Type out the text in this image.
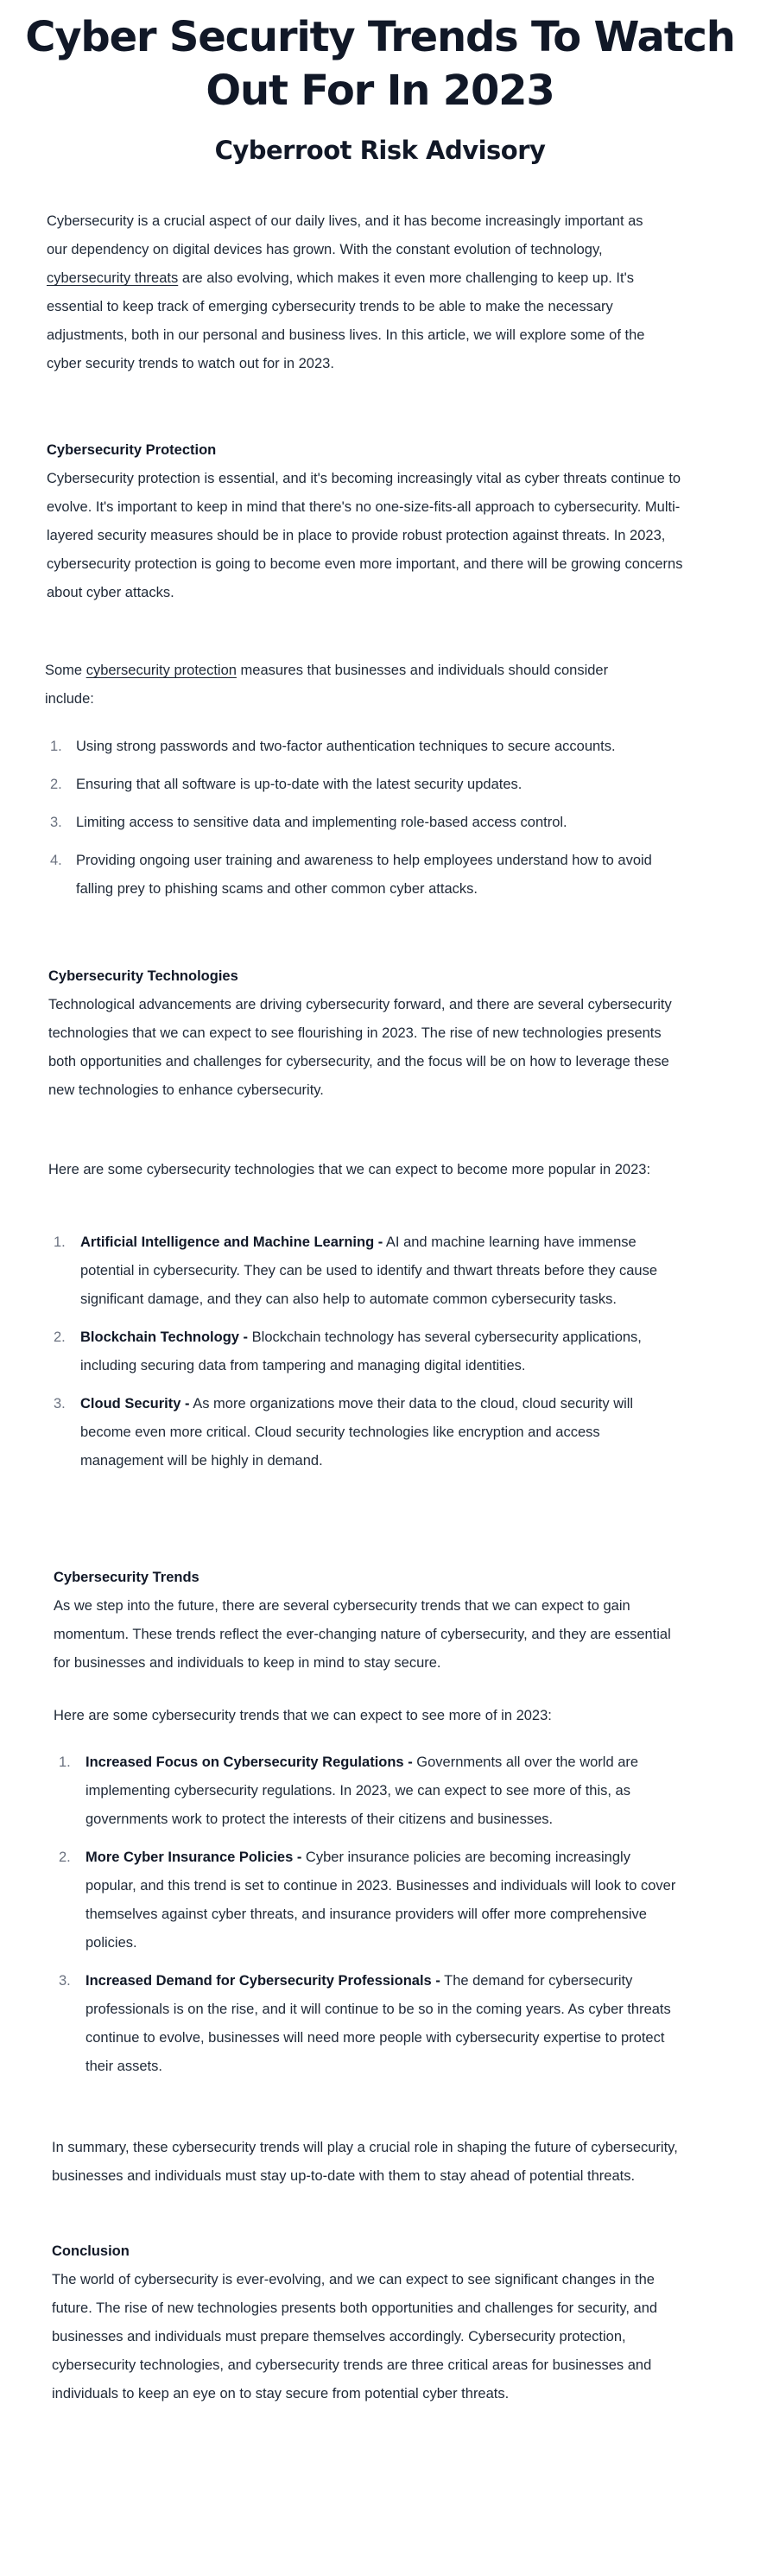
Cyber Security Trends To Watch
Out For In 2023
Cyberroot Risk Advisory

Cybersecurity is a crucial aspect of our daily lives, and it has become increasingly important as our dependency on digital devices has grown. With the constant evolution of technology, cybersecurity threats are also evolving, which makes it even more challenging to keep up. It's essential to keep track of emerging cybersecurity trends to be able to make the necessary adjustments, both in our personal and business lives. In this article, we will explore some of the cyber security trends to watch out for in 2023.

Cybersecurity Protection

Cybersecurity protection is essential, and it's becoming increasingly vital as cyber threats continue to evolve. It's important to keep in mind that there's no one-size-fits-all approach to cybersecurity. Multi-layered security measures should be in place to provide robust protection against threats. In 2023, cybersecurity protection is going to become even more important, and there will be growing concerns about cyber attacks.

Some cybersecurity protection measures that businesses and individuals should consider include:

1. Using strong passwords and two-factor authentication techniques to secure accounts.
2. Ensuring that all software is up-to-date with the latest security updates.
3. Limiting access to sensitive data and implementing role-based access control.
4. Providing ongoing user training and awareness to help employees understand how to avoid falling prey to phishing scams and other common cyber attacks.

Cybersecurity Technologies

Technological advancements are driving cybersecurity forward, and there are several cybersecurity technologies that we can expect to see flourishing in 2023. The rise of new technologies presents both opportunities and challenges for cybersecurity, and the focus will be on how to leverage these new technologies to enhance cybersecurity.

Here are some cybersecurity technologies that we can expect to become more popular in 2023:

1. Artificial Intelligence and Machine Learning - AI and machine learning have immense potential in cybersecurity. They can be used to identify and thwart threats before they cause significant damage, and they can also help to automate common cybersecurity tasks.
2. Blockchain Technology - Blockchain technology has several cybersecurity applications, including securing data from tampering and managing digital identities.
3. Cloud Security - As more organizations move their data to the cloud, cloud security will become even more critical. Cloud security technologies like encryption and access management will be highly in demand.

Cybersecurity Trends

As we step into the future, there are several cybersecurity trends that we can expect to gain momentum. These trends reflect the ever-changing nature of cybersecurity, and they are essential for businesses and individuals to keep in mind to stay secure.

Here are some cybersecurity trends that we can expect to see more of in 2023:

1. Increased Focus on Cybersecurity Regulations - Governments all over the world are implementing cybersecurity regulations. In 2023, we can expect to see more of this, as governments work to protect the interests of their citizens and businesses.
2. More Cyber Insurance Policies - Cyber insurance policies are becoming increasingly popular, and this trend is set to continue in 2023. Businesses and individuals will look to cover themselves against cyber threats, and insurance providers will offer more comprehensive policies.
3. Increased Demand for Cybersecurity Professionals - The demand for cybersecurity professionals is on the rise, and it will continue to be so in the coming years. As cyber threats continue to evolve, businesses will need more people with cybersecurity expertise to protect their assets.

In summary, these cybersecurity trends will play a crucial role in shaping the future of cybersecurity, businesses and individuals must stay up-to-date with them to stay ahead of potential threats.

Conclusion

The world of cybersecurity is ever-evolving, and we can expect to see significant changes in the future. The rise of new technologies presents both opportunities and challenges for security, and businesses and individuals must prepare themselves accordingly. Cybersecurity protection, cybersecurity technologies, and cybersecurity trends are three critical areas for businesses and individuals to keep an eye on to stay secure from potential cyber threats.
